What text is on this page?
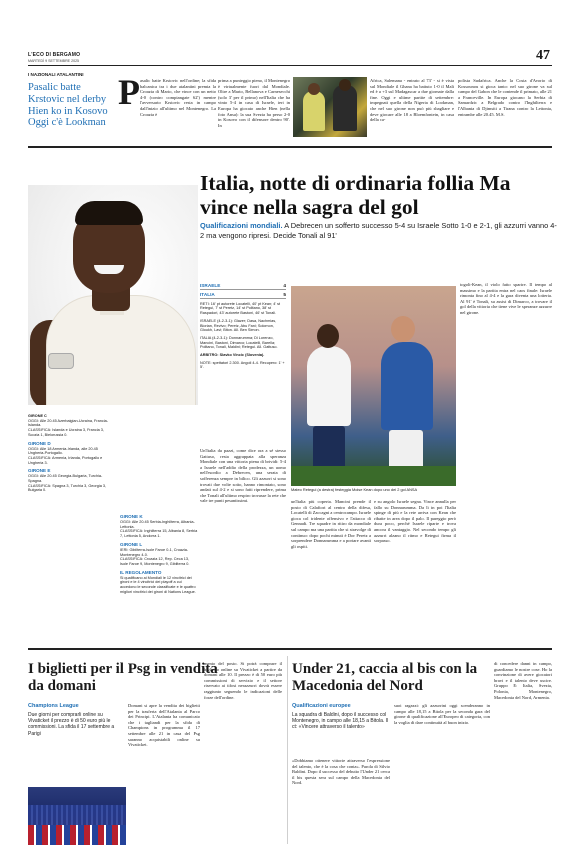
L'ECO DI BERGAMO
MARTEDÌ 9 SETTEMBRE 2025	47
I NAZIONALI ATALANTINI
Pasalic batte Krstovic nel derby Hien ko in Kosovo Oggi c'è Lookman
P asalic batte Krstovic nell'ordine; la sfida balcanica tra i due atalantini premia la Croazia di Mario, che vince con un netto 4-0 (contro compiangate 62') mentre l'avversario Krstovic resta in campo dall'inizio all'ultimo nel Montenegro. La Croazia è
prima a punteggio pieno, il Montenegro è virtualmente fuori dal Mondiale. Oltre a Mario, Bellanova e Carnesecchi (solo 3' per il primo) nell'Italia che ha vinto 5-4 in casa di Israele, ieri in Europa ha giocato anche Hien (nella foto Ansa): la sua Svezia ha perso 2-0 in Kosovo con il difensore dentro 90'. In
Africa, Salemana - entrato al 73' - si è vista sul Mondiale il Ghana ha battuto 1-0 il Mali ed è a +3 sul Madagascar a due giornate dalla fine. Oggi e ultime partite di settembre: impegnati quella della Nigeria di Lookman, che nel suo girone non può più sbagliare e deve giocare alle 18 a Bloemfontein, in casa della ca-
polista Sudafrica. Anche la Costa d'Avorio di Kossounou si gioca tanto: nel suo girone va sul campo del Gabon che le contende il primato, alle 21 a Franceville. In Europa giocano la Serbia di Samardzic a Belgrado contro l'Inghilterra e l'Albania di Djimsiti a Tirana contro la Lettonia, entrambe alle 20.45. M.S.
Italia, notte di ordinaria follia Ma vince nella sagra del gol
Qualificazioni mondiali. A Debrecen un sofferto successo 5-4 su Israele Sotto 1-0 e 2-1, gli azzurri vanno 4-2 ma vengono ripresi. Decide Tonali al 91'
ISRAELE	4
ITALIA	5
RETI: 16' pt autorete Locatelli, 40' pt Kean; 4' st Retegui, 7' st Peretz, 14' st Politano, 38' st Raspadori, 43' autorete Bastoni, 46' st Tonali.
ISRAELE (4-2-3-1): Glazer; Dasa, Nachmias, Blorian, Revivo; Peretz, Abu Fani; Solomon, Gloukh, Lavi; Biton. All. Ben Simon.
ITALIA (4-2-3-1): Donnarumma; Di Lorenzo, Mancini, Bastoni, Dimarco; Locatelli, Barella; Politano, Tonali, Maldini; Retegui. All. Gattuso.
ARBITRO: Slavko Vincic (Slovenia).
NOTE: spettatori 2.300. Angoli 4-4. Recupero: 1' + 5'.
Un'Italia da pazzi, come dice ora a sé stesso Gattuso, resta aggrappata alla speranza Mondiale con una vittoria piena di brividi: 5-4 a Israele nell'addio della prodezza, un uomo nell'esordio a Debrecen, una serata di sofferenza sempre in bilico. Gli azzurri si sono trovati due volte sotto, hanno rimontato, sono andati sul 4-2 e si sono fatti riprendere, prima che Tonali all'ultimo respiro trovasse la rete che vale tre punti pesantissimi.
Mateo Retegui (a destra) festeggia Moise Kean dopo uno dei 2 gol ANSA
un'Italia più coperta. Mancini prende il posto di Calafiori al centro della difesa, Locatelli di Zaccagni a centrocampo. Israele gioca col tridente offensivo e l'attacco di Gennadi. Tre squadre in ritiro da mondiale sul campo ma una partita che si stravolge di continuo: dopo pochi minuti è Dor Peretz a sorprendere Donnarumma e a portare avanti gli ospiti.
e su angolo Israele segna. Vince annulla per fallo su Donnarumma. Da lì in poi l'Italia spinge di più e la rete arriva con Kean che ribatte in area dopo il palo. Il pareggio però dura poco, perché Israele riparte e trova ancora il vantaggio. Nel secondo tempo gli azzurri alzano il ritmo e Retegui firma il sorpasso.
togoli-Kean, il violo fatto sparire. Il tempo al massimo e la partita entra nel caos finale: Israele rimonta fino al 4-4 e la gara diventa una lotteria. Al 91' è Tonali, su assist di Dimarco, a trovare il gol della vittoria che tiene vive le speranze azzurre nel girone.
GIRONE C
OGGI: Alle 20.45 Azerbaigian-Ucraina, Francia-Islanda.
CLASSIFICA: Islanda e Ucraina 3, Francia 3, Scozia 1, Bielorussia 0.
GIRONE D
OGGI: Alle 18 Armenia-Irlanda, alle 20.45 Ungheria-Portogallo.
CLASSIFICA: Armenia, Irlanda, Portogallo e Ungheria 3.
GIRONE E
OGGI: Alle 20.45 Georgia-Bulgaria, Turchia-Spagna.
CLASSIFICA: Spagna 3, Turchia 3, Georgia 3, Bulgaria 0.
GIRONE K
OGGI: Alle 20.45 Serbia-Inghilterra, Albania-Lettonia.
CLASSIFICA: Inghilterra 15, Albania 8, Serbia 7, Lettonia 5, Andorra 1.
GIRONE L
IERI: Gibilterra-Isole Faroe 0-1, Croazia-Montenegro 4-0.
CLASSIFICA: Croazia 12, Rep. Ceca 13, Isole Faroe 9, Montenegro 9, Gibilterra 0.
IL REGOLAMENTO
Si qualificano ai Mondiali le 12 vincitrici dei gironi e le 4 vincitrici dei playoff a cui accedono le seconde classificate e le quattro migliori vincitrici dei gironi di Nations League.
I biglietti per il Psg in vendita da domani
Champions League
Due giorni per comprarli online su Vivaticket il prezzo è di 50 euro più le commissioni. La sfida il 17 settembre a Parigi
Domani si apre la vendita dei biglietti per la trasferta dell'Atalanta al Parco dei Principi. L'Atalanta ha comunicato che i tagliandi per la sfida di Champions in programma il 17 settembre alle 21 in casa del Psg saranno acquistabili online su Vivaticket.
mento del posto. Si potrà comprare il biglietto online su Vivaticket a partire da domani alle 10. Il prezzo è di 50 euro più commissioni di servizio e il settore riservato ai tifosi nerazzurri dovrà essere raggiunto seguendo le indicazioni delle forze dell'ordine.
Under 21, caccia al bis con la Macedonia del Nord
Qualificazioni europee
La squadra di Baldini, dopo il successo col Montenegro, in campo alle 18,15 a Bitola. Il ct: «Vincere attraverso il talento»
«Dobbiamo ottenere vittorie attraverso l'espressione del talento, che è la cosa che conta». Parola di Silvio Baldini. Dopo il successo del debutto l'Under 21 cerca il bis questa sera sul campo della Macedonia del Nord.
suoi ragazzi: gli azzurrini oggi scenderanno in campo alle 18,15 a Bitola per la seconda gara del girone di qualificazione all'Europeo di categoria, con la voglia di dare continuità al buon inizio.
di concedere danni in campo, guardiamo le nostre cose. Ho la convinzione di avere giocatori bravi e il talento deve uscire. Gruppo E: Italia, Svezia, Polonia, Montenegro, Macedonia del Nord, Armenia.
